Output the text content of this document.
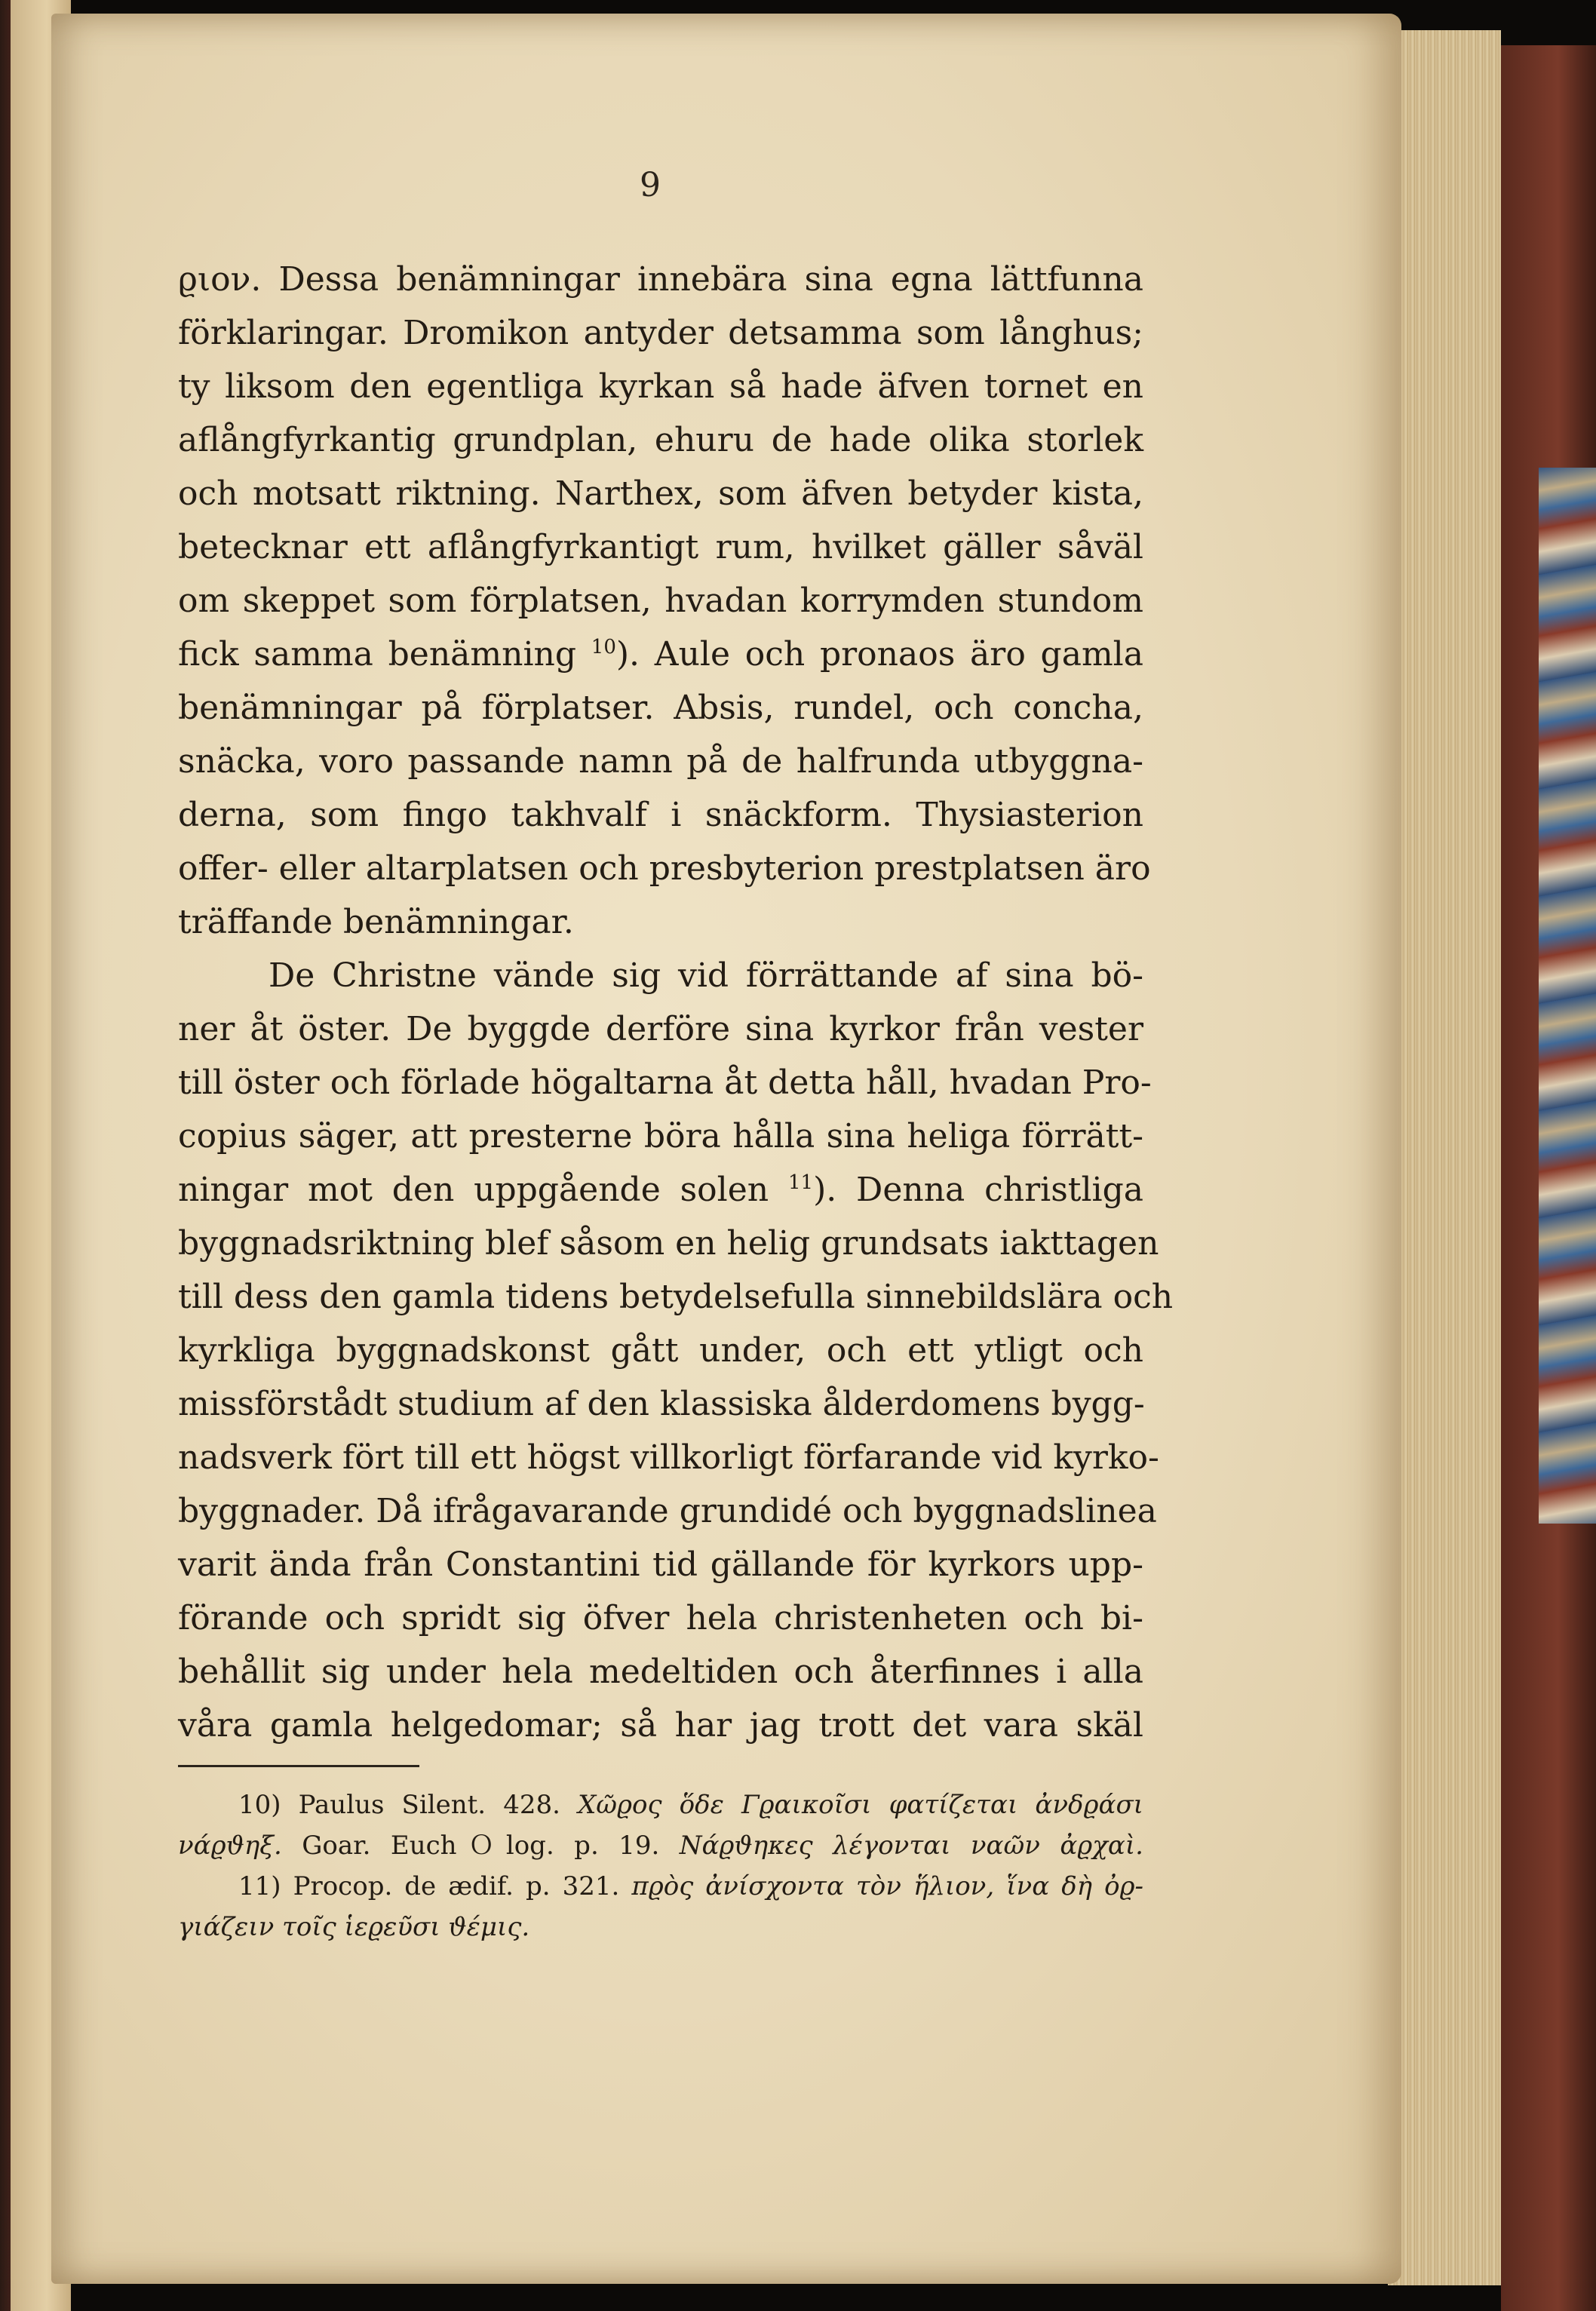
9
ϱιον. Dessa benämningar innebära sina egna lättfunna
förklaringar. Dromikon antyder detsamma som långhus;
ty liksom den egentliga kyrkan så hade äfven tornet en
aflångfyrkantig grundplan, ehuru de hade olika storlek
och motsatt riktning. Narthex, som äfven betyder kista,
betecknar ett aflångfyrkantigt rum, hvilket gäller såväl
om skeppet som förplatsen, hvadan korrymden stundom
fick samma benämning $^{10}$). Aule och pronaos äro gamla
benämningar på förplatser. Absis, rundel, och concha,
snäcka, voro passande namn på de halfrunda utbyggna-
derna, som fingo takhvalf i snäckform. Thysiasterion
offer- eller altarplatsen och presbyterion prestplatsen äro
träffande benämningar.
De Christne vände sig vid förrättande af sina bö-
ner åt öster. De byggde derföre sina kyrkor från vester
till öster och förlade högaltarna åt detta håll, hvadan Pro-
copius säger, att presterne böra hålla sina heliga förrätt-
ningar mot den uppgående solen $^{11}$). Denna christliga
byggnadsriktning blef såsom en helig grundsats iakttagen
till dess den gamla tidens betydelsefulla sinnebildslära och
kyrkliga byggnadskonst gått under, och ett ytligt och
missförstådt studium af den klassiska ålderdomens bygg-
nadsverk fört till ett högst villkorligt förfarande vid kyrko-
byggnader. Då ifrågavarande grundidé och byggnadslinea
varit ända från Constantini tid gällande för kyrkors upp-
förande och spridt sig öfver hela christenheten och bi-
behållit sig under hela medeltiden och återfinnes i alla
våra gamla helgedomar; så har jag trott det vara skäl
10) Paulus Silent. 428. Χῶϱος ὅδε Γϱαικοῖσι φατίζεται ἀνδϱάσι
νάϱϑηξ. Goar. EuchＯlog. p. 19. Νάϱϑηκες λέγονται ναῶν ἀϱχαὶ.
11) Procop. de ædif. p. 321. πϱὸς ἀνίσχοντα τὸν ἥλιον, ἵνα δὴ ὀϱ-
γιάζειν τοῖς ἱεϱεῦσι ϑέμις.
